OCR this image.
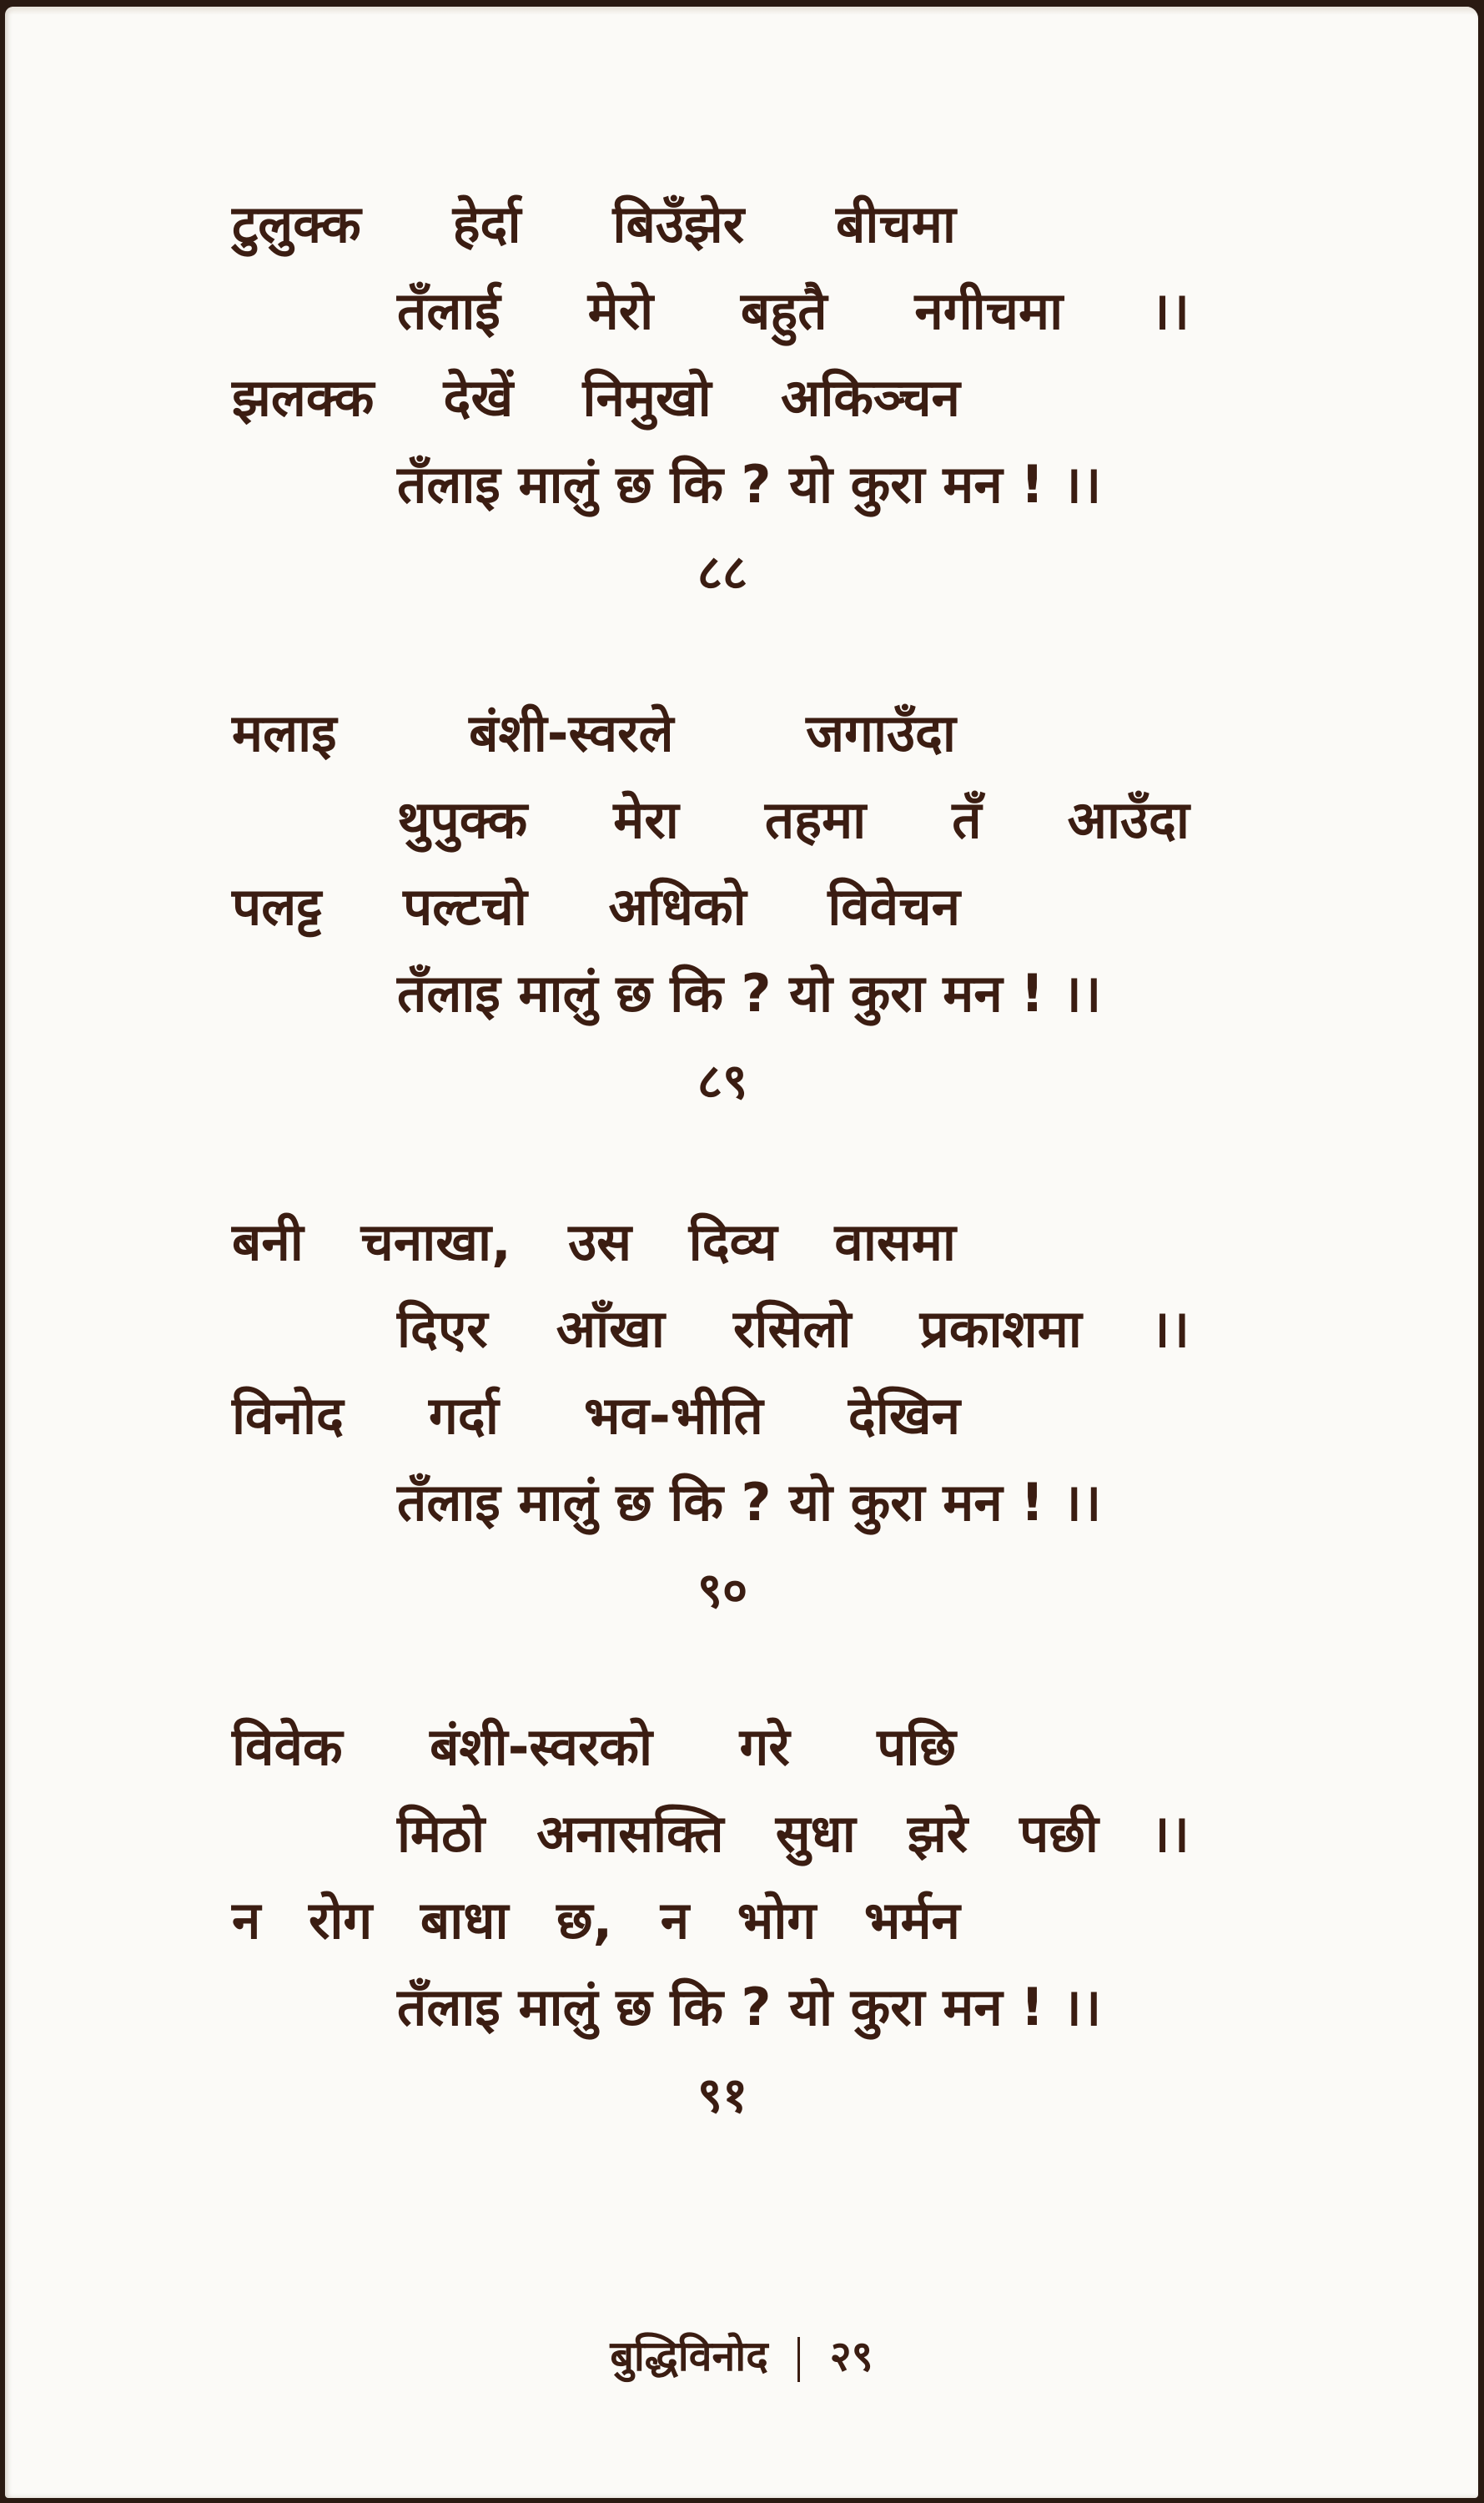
टुलुक्क हेर्दा बिउँझेर बीचमा
तँलाई मेरो बहुतै नगीचमा ।।
झलक्क देखें निमुखो अकिञ्चन
तँलाइ मालुं छ कि ? यो कुरा मन ! ।।
८८
मलाइ	बंशी-स्वरले	जगाउँदा
थुपुक्क मेरा तहमा तँ आउँदा
पलट्ट पल्टचो अधिको विवेचन
तँलाइ मालुं छ कि ? यो कुरा मन ! ।।
८९
बनी चनाखा, उस दिव्य वासमा
दिएर आँखा रसिलो प्रकाशमा ।।
विनोद गर्दा भव-भीति देखिन
तँलाइ मालुं छ कि ? यो कुरा मन ! ।।
९०
विवेक बंशी-स्वरको गरे पछि
मिठो अनासक्ति सुधा झरे पछी ।।
न रोग बाधा छ, न भोग भर्मन
तँलाइ मालुं छ कि ? यो कुरा मन ! ।।
९१
बुद्धिविनोद २९
